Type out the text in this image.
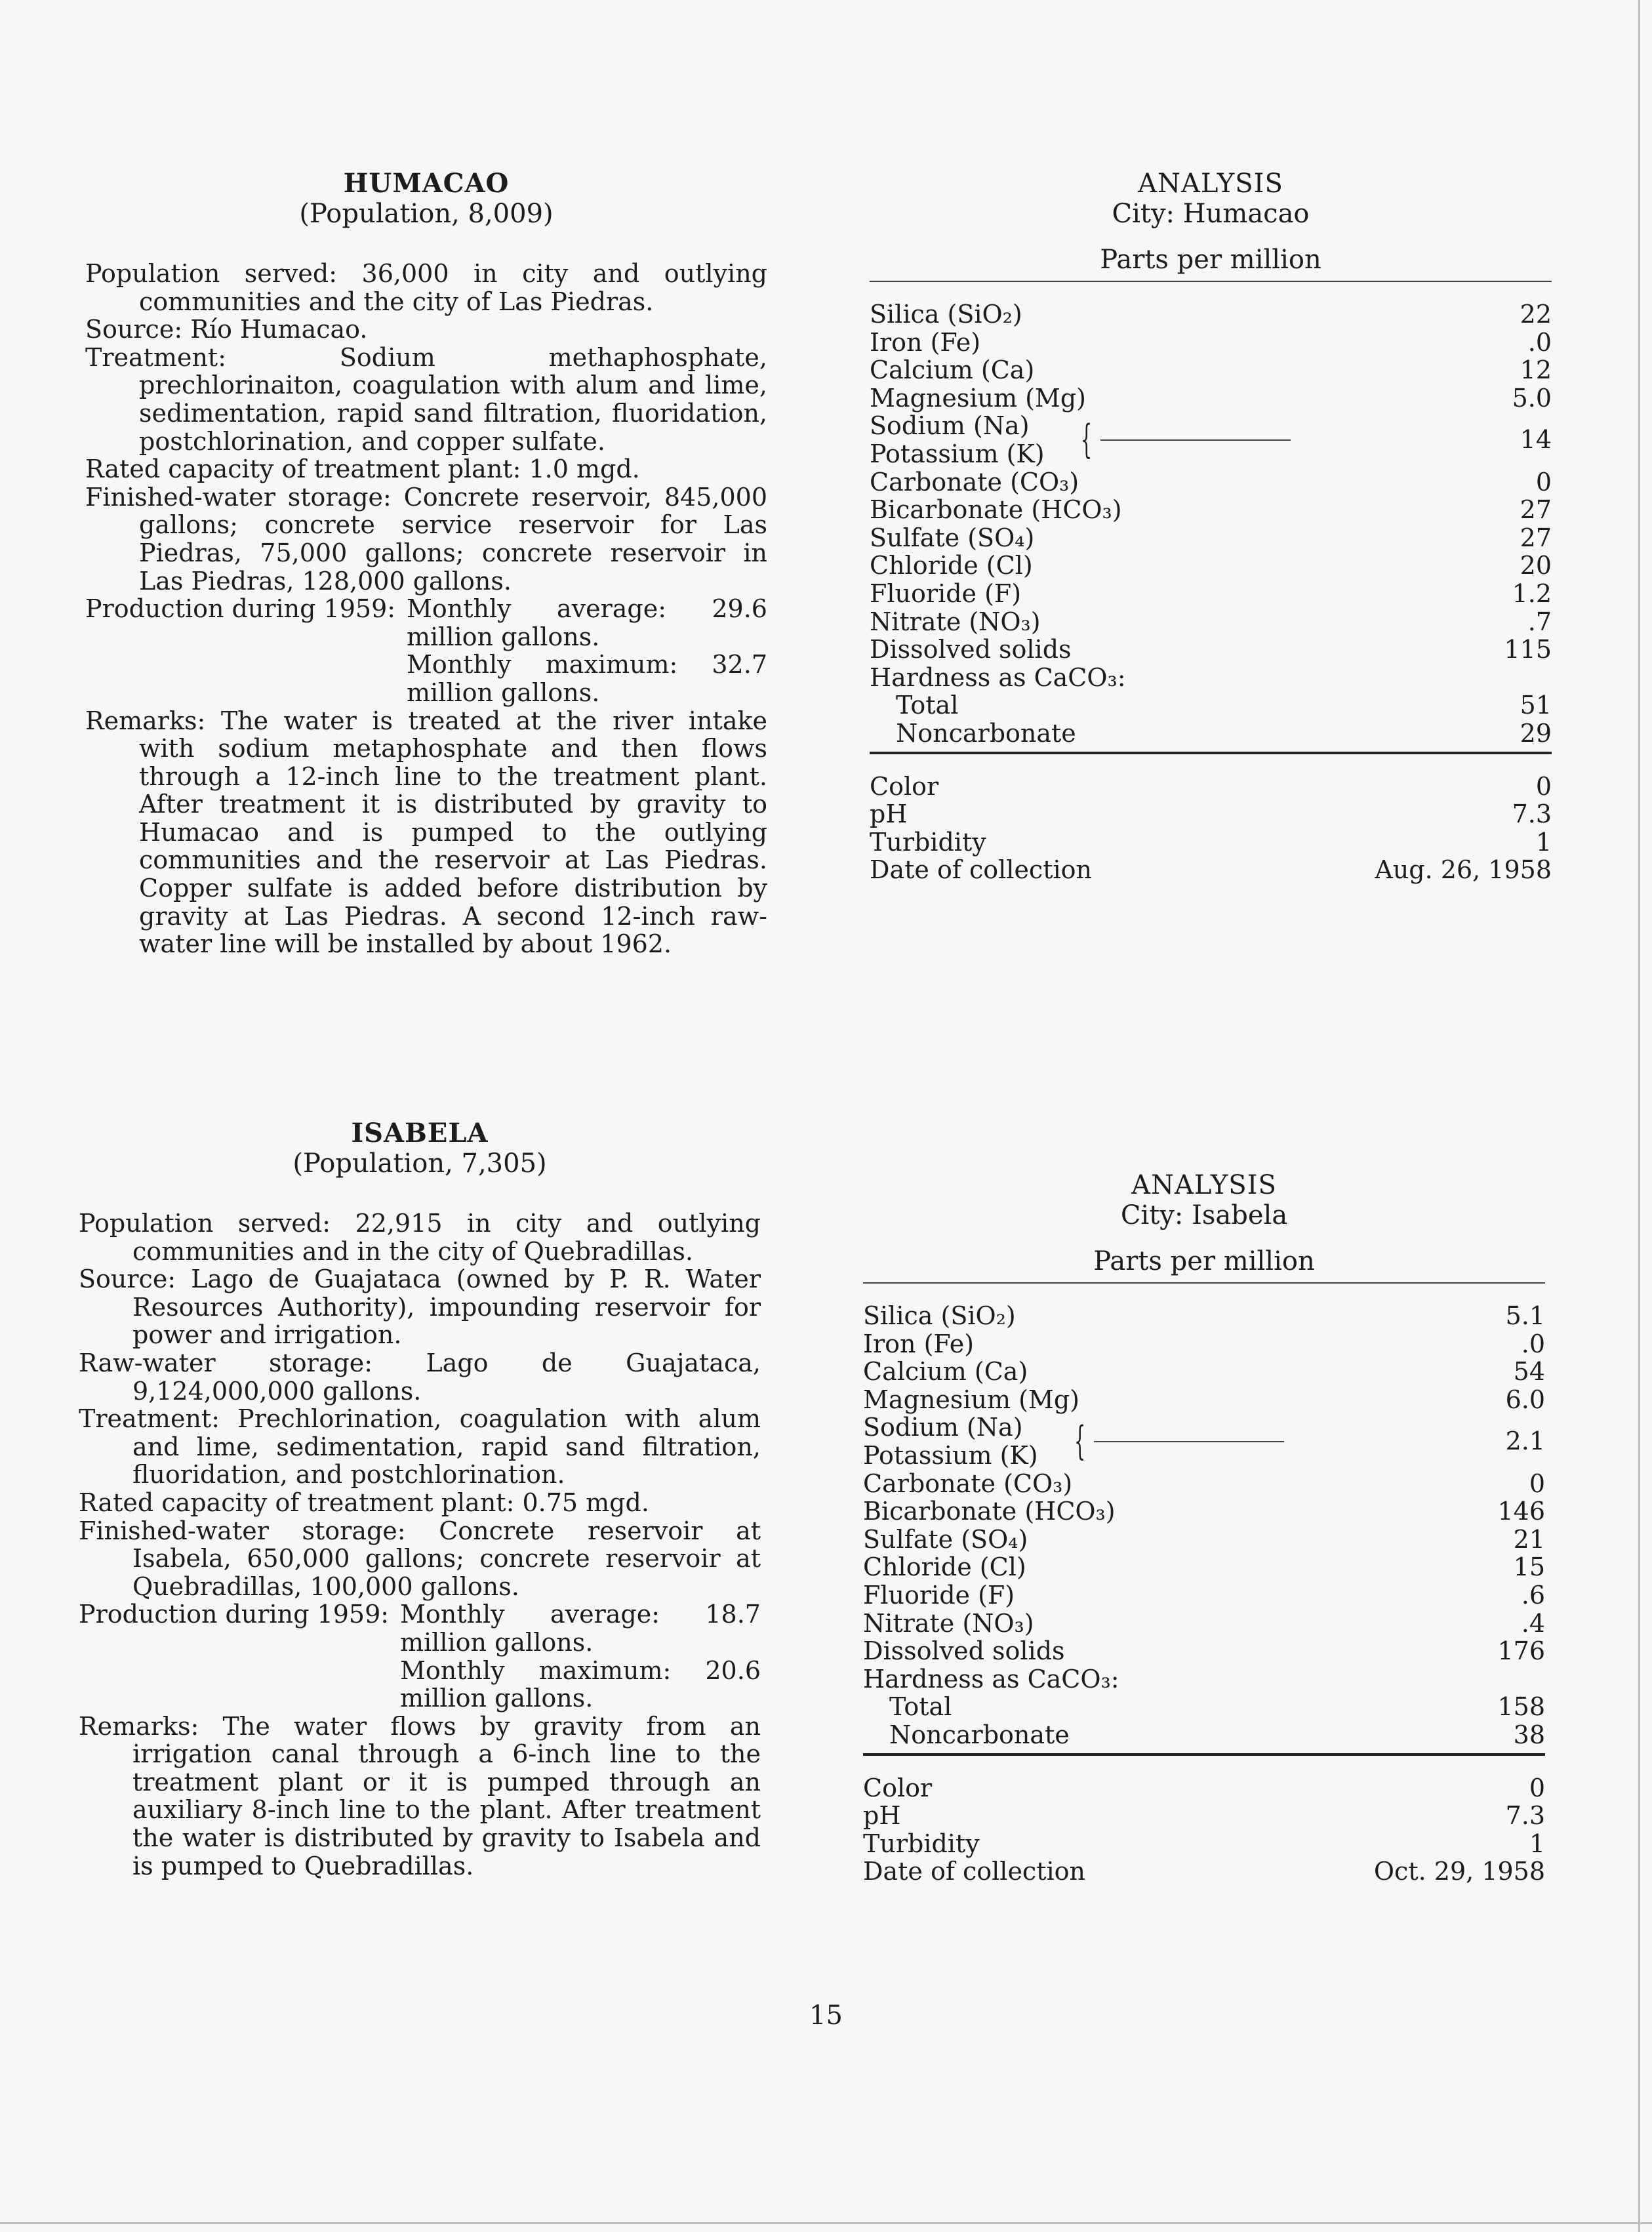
HUMACAO
(Population, 8,009)

Population served: 36,000 in city and outlying communities and the city of Las Piedras.

Source: Río Humacao.

Treatment: Sodium methaphosphate, prechlorinaiton, coagulation with alum and lime, sedimentation, rapid sand filtration, fluoridation, postchlorination, and copper sulfate.

Rated capacity of treatment plant: 1.0 mgd.

Finished-water storage: Concrete reservoir, 845,000 gallons; concrete service reservoir for Las Piedras, 75,000 gallons; concrete reservoir in Las Piedras, 128,000 gallons.

Production during 1959: Monthly average: 29.6 million gallons.
Monthly maximum: 32.7 million gallons.

Remarks: The water is treated at the river intake with sodium metaphosphate and then flows through a 12-inch line to the treatment plant. After treatment it is distributed by gravity to Humacao and is pumped to the outlying communities and the reservoir at Las Piedras. Copper sulfate is added before distribution by gravity at Las Piedras. A second 12-inch raw-water line will be installed by about 1962.

ANALYSIS
City: Humacao
Parts per million
Silica (SiO₂)	22
Iron (Fe)	.0
Calcium (Ca)	12
Magnesium (Mg)	5.0
Sodium (Na)
Potassium (K) {	14
Carbonate (CO₃)	0
Bicarbonate (HCO₃)	27
Sulfate (SO₄)	27
Chloride (Cl)	20
Fluoride (F)	1.2
Nitrate (NO₃)	.7
Dissolved solids	115
Hardness as CaCO₃:
Total	51
Noncarbonate	29
Color	0
pH	7.3
Turbidity	1
Date of collection	Aug. 26, 1958
ISABELA
(Population, 7,305)

Population served: 22,915 in city and outlying communities and in the city of Quebradillas.

Source: Lago de Guajataca (owned by P. R. Water Resources Authority), impounding reservoir for power and irrigation.

Raw-water storage: Lago de Guajataca, 9,124,000,000 gallons.

Treatment: Prechlorination, coagulation with alum and lime, sedimentation, rapid sand filtration, fluoridation, and postchlorination.

Rated capacity of treatment plant: 0.75 mgd.

Finished-water storage: Concrete reservoir at Isabela, 650,000 gallons; concrete reservoir at Quebradillas, 100,000 gallons.

Production during 1959: Monthly average: 18.7 million gallons.
Monthly maximum: 20.6 million gallons.

Remarks: The water flows by gravity from an irrigation canal through a 6-inch line to the treatment plant or it is pumped through an auxiliary 8-inch line to the plant. After treatment the water is distributed by gravity to Isabela and is pumped to Quebradillas.

ANALYSIS
City: Isabela
Parts per million
Silica (SiO₂)	5.1
Iron (Fe)	.0
Calcium (Ca)	54
Magnesium (Mg)	6.0
Sodium (Na)
Potassium (K) {	2.1
Carbonate (CO₃)	0
Bicarbonate (HCO₃)	146
Sulfate (SO₄)	21
Chloride (Cl)	15
Fluoride (F)	.6
Nitrate (NO₃)	.4
Dissolved solids	176
Hardness as CaCO₃:
Total	158
Noncarbonate	38
Color	0
pH	7.3
Turbidity	1
Date of collection	Oct. 29, 1958
15
